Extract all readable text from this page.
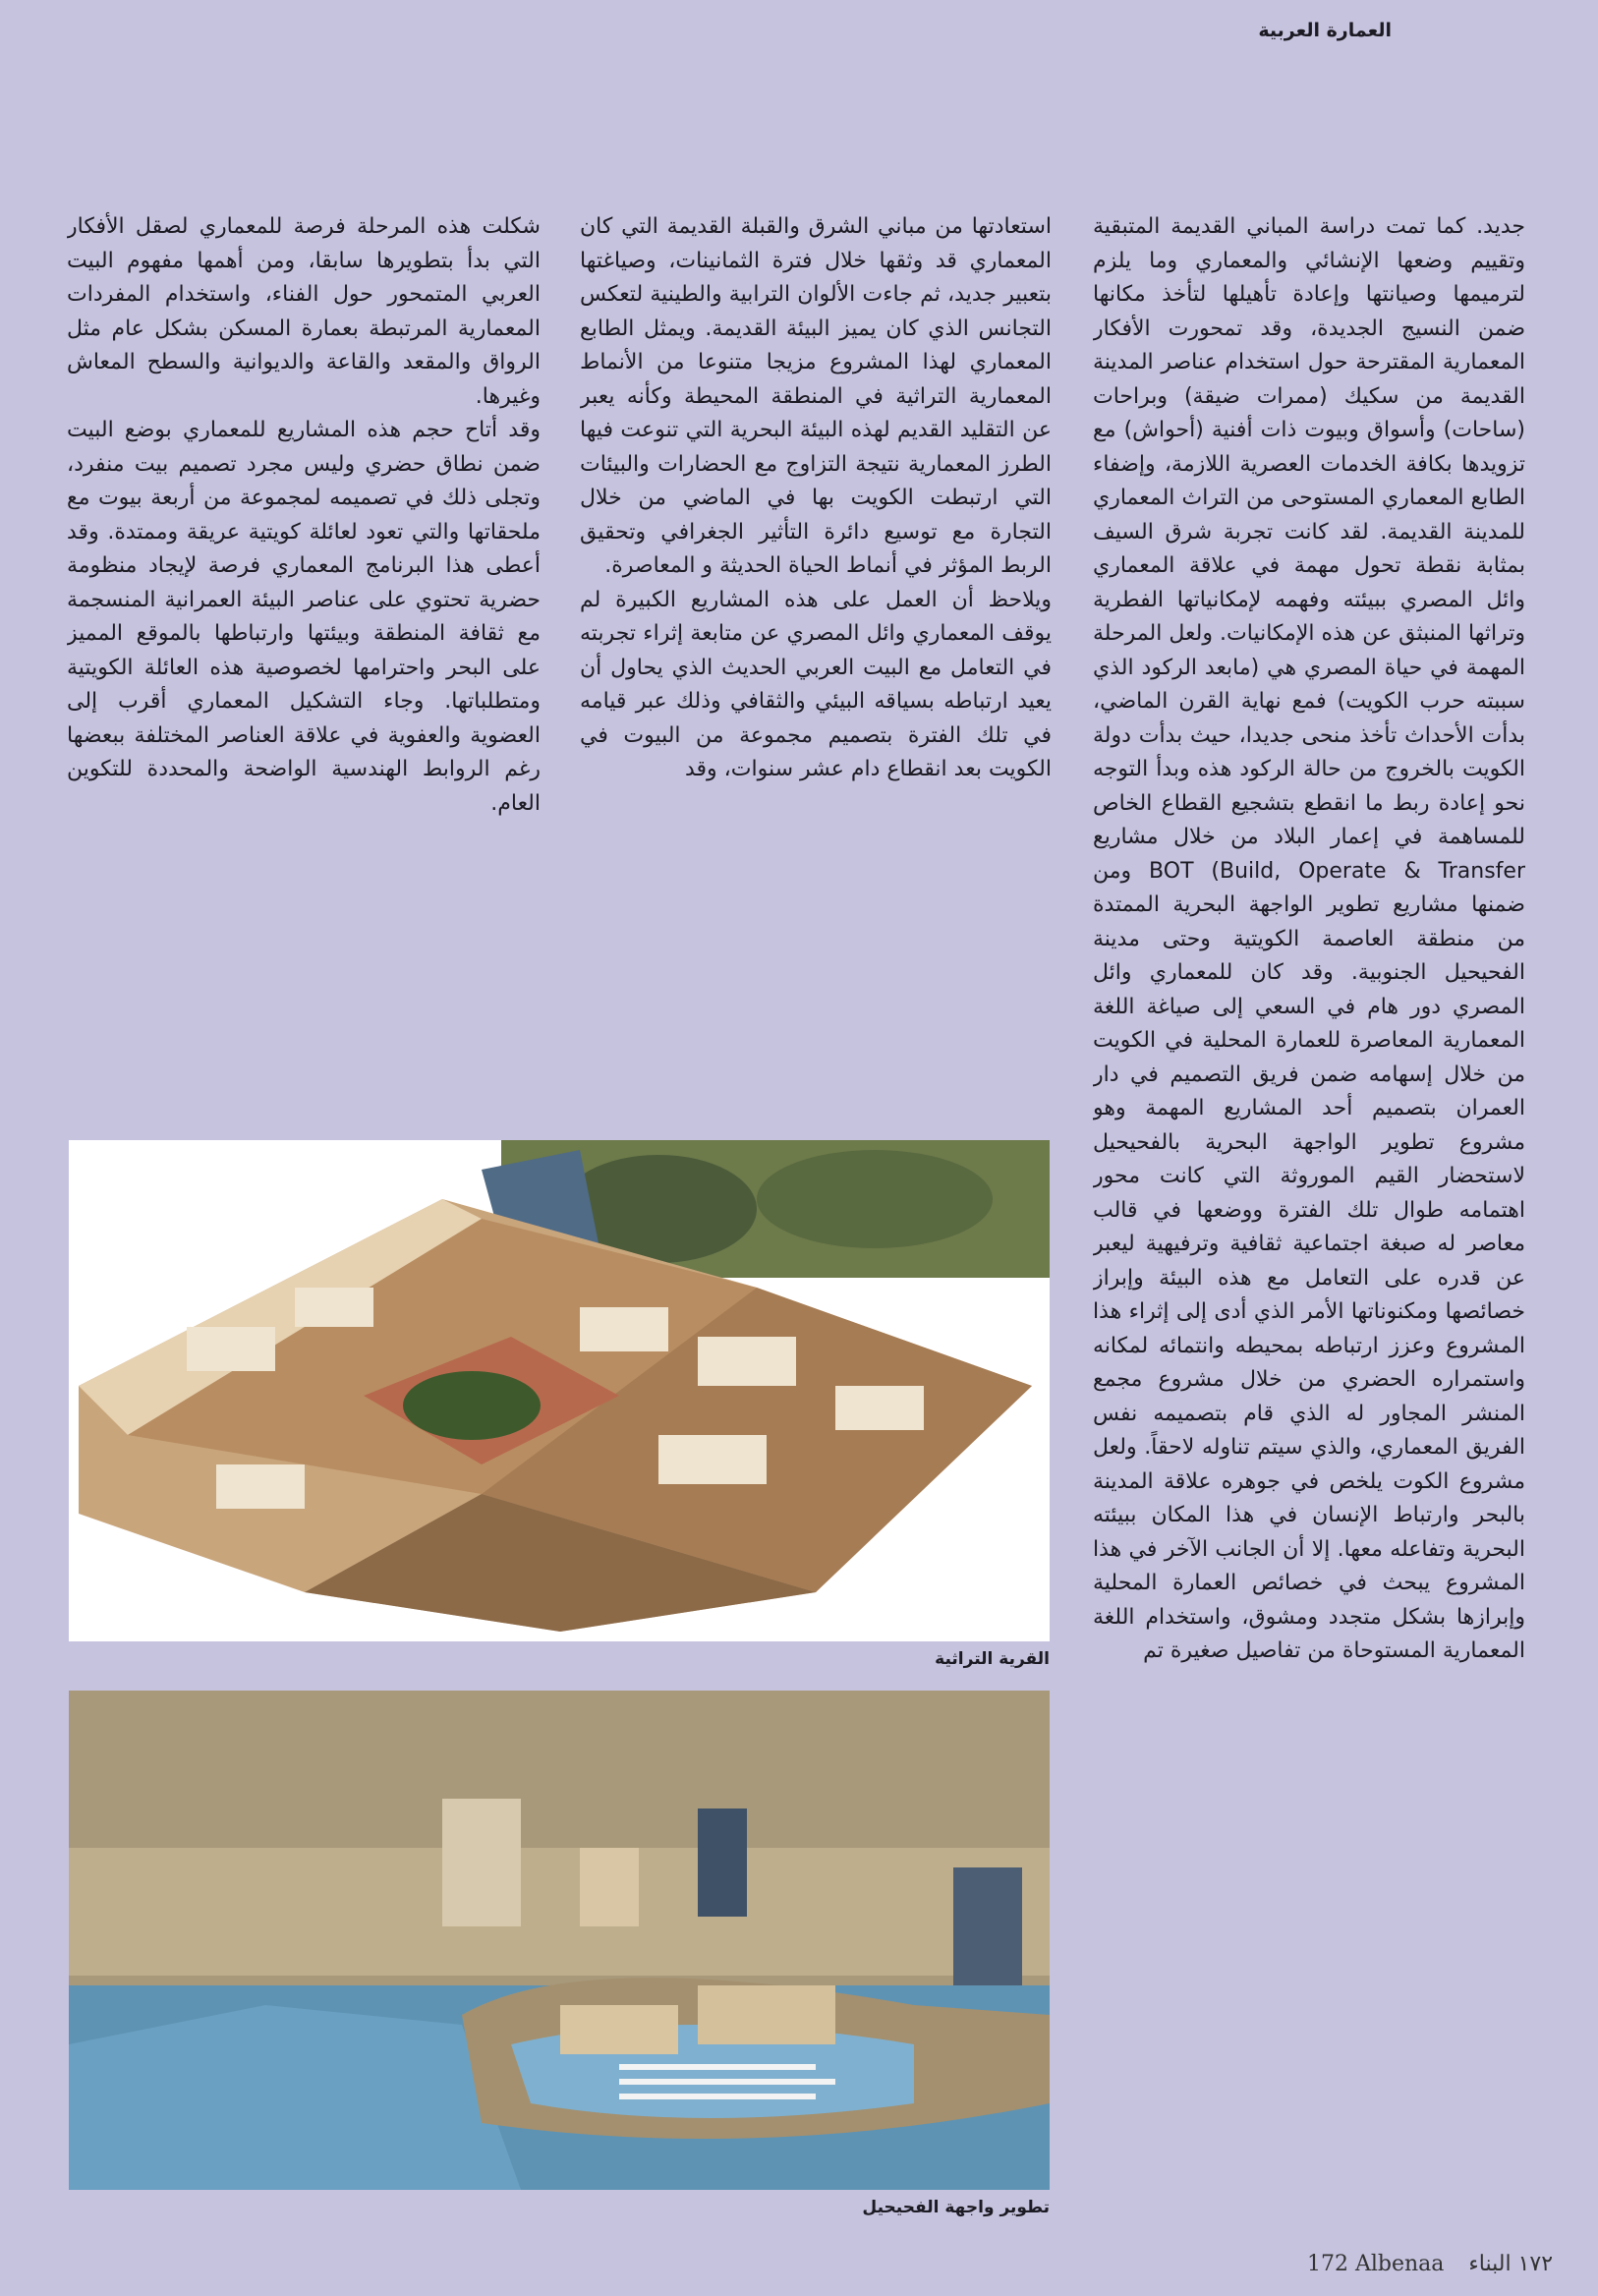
العمارة العربية

جديد. كما تمت دراسة المباني القديمة المتبقية وتقييم وضعها الإنشائي والمعماري وما يلزم لترميمها وصيانتها وإعادة تأهيلها لتأخذ مكانها ضمن النسيج الجديدة، وقد تمحورت الأفكار المعمارية المقترحة حول استخدام عناصر المدينة القديمة من سكيك (ممرات ضيقة) وبراحات (ساحات) وأسواق وبيوت ذات أفنية (أحواش) مع تزويدها بكافة الخدمات العصرية اللازمة، وإضفاء الطابع المعماري المستوحى من التراث المعماري للمدينة القديمة. لقد كانت تجربة شرق السيف بمثابة نقطة تحول مهمة في علاقة المعماري وائل المصري ببيئته وفهمه لإمكانياتها الفطرية وتراثها المنبثق عن هذه الإمكانيات. ولعل المرحلة المهمة في حياة المصري هي (مابعد الركود الذي سببته حرب الكويت) فمع نهاية القرن الماضي، بدأت الأحداث تأخذ منحى جديدا، حيث بدأت دولة الكويت بالخروج من حالة الركود هذه وبدأ التوجه نحو إعادة ربط ما انقطع بتشجيع القطاع الخاص للمساهمة في إعمار البلاد من خلال مشاريع BOT (Build, Operate & Transfer ومن ضمنها مشاريع تطوير الواجهة البحرية الممتدة من منطقة العاصمة الكويتية وحتى مدينة الفحيحيل الجنوبية. وقد كان للمعماري وائل المصري دور هام في السعي إلى صياغة اللغة المعمارية المعاصرة للعمارة المحلية في الكويت من خلال إسهامه ضمن فريق التصميم في دار العمران بتصميم أحد المشاريع المهمة وهو مشروع تطوير الواجهة البحرية بالفحيحيل لاستحضار القيم الموروثة التي كانت محور اهتمامه طوال تلك الفترة ووضعها في قالب معاصر له صبغة اجتماعية ثقافية وترفيهية ليعبر عن قدره على التعامل مع هذه البيئة وإبراز خصائصها ومكنوناتها الأمر الذي أدى إلى إثراء هذا المشروع وعزز ارتباطه بمحيطه وانتمائه لمكانه واستمراره الحضري من خلال مشروع مجمع المنشر المجاور له الذي قام بتصميمه نفس الفريق المعماري، والذي سيتم تناوله لاحقاً. ولعل مشروع الكوت يلخص في جوهره علاقة المدينة بالبحر وارتباط الإنسان في هذا المكان ببيئته البحرية وتفاعله معها. إلا أن الجانب الآخر في هذا المشروع يبحث في خصائص العمارة المحلية وإبرازها بشكل متجدد ومشوق، واستخدام اللغة المعمارية المستوحاة من تفاصيل صغيرة تم

استعادتها من مباني الشرق والقبلة القديمة التي كان المعماري قد وثقها خلال فترة الثمانينات، وصياغتها بتعبير جديد، ثم جاءت الألوان الترابية والطينية لتعكس التجانس الذي كان يميز البيئة القديمة. ويمثل الطابع المعماري لهذا المشروع مزيجا متنوعا من الأنماط المعمارية التراثية في المنطقة المحيطة وكأنه يعبر عن التقليد القديم لهذه البيئة البحرية التي تنوعت فيها الطرز المعمارية نتيجة التزاوج مع الحضارات والبيئات التي ارتبطت الكويت بها في الماضي من خلال التجارة مع توسيع دائرة التأثير الجغرافي وتحقيق الربط المؤثر في أنماط الحياة الحديثة و المعاصرة.

ويلاحظ أن العمل على هذه المشاريع الكبيرة لم يوقف المعماري وائل المصري عن متابعة إثراء تجربته في التعامل مع البيت العربي الحديث الذي يحاول أن يعيد ارتباطه بسياقه البيئي والثقافي وذلك عبر قيامه في تلك الفترة بتصميم مجموعة من البيوت في الكويت بعد انقطاع دام عشر سنوات، وقد

شكلت هذه المرحلة فرصة للمعماري لصقل الأفكار التي بدأ بتطويرها سابقا، ومن أهمها مفهوم البيت العربي المتمحور حول الفناء، واستخدام المفردات المعمارية المرتبطة بعمارة المسكن بشكل عام مثل الرواق والمقعد والقاعة والديوانية والسطح المعاش وغيرها.

وقد أتاح حجم هذه المشاريع للمعماري بوضع البيت ضمن نطاق حضري وليس مجرد تصميم بيت منفرد، وتجلى ذلك في تصميمه لمجموعة من أربعة بيوت مع ملحقاتها والتي تعود لعائلة كويتية عريقة وممتدة. وقد أعطى هذا البرنامج المعماري فرصة لإيجاد منظومة حضرية تحتوي على عناصر البيئة العمرانية المنسجمة مع ثقافة المنطقة وبيئتها وارتباطها بالموقع المميز على البحر واحترامها لخصوصية هذه العائلة الكويتية ومتطلباتها. وجاء التشكيل المعماري أقرب إلى العضوية والعفوية في علاقة العناصر المختلفة ببعضها رغم الروابط الهندسية الواضحة والمحددة للتكوين العام.

القرية التراثية
تطوير واجهة الفحيحيل
172 Albenaa ١٧٢ البناء
